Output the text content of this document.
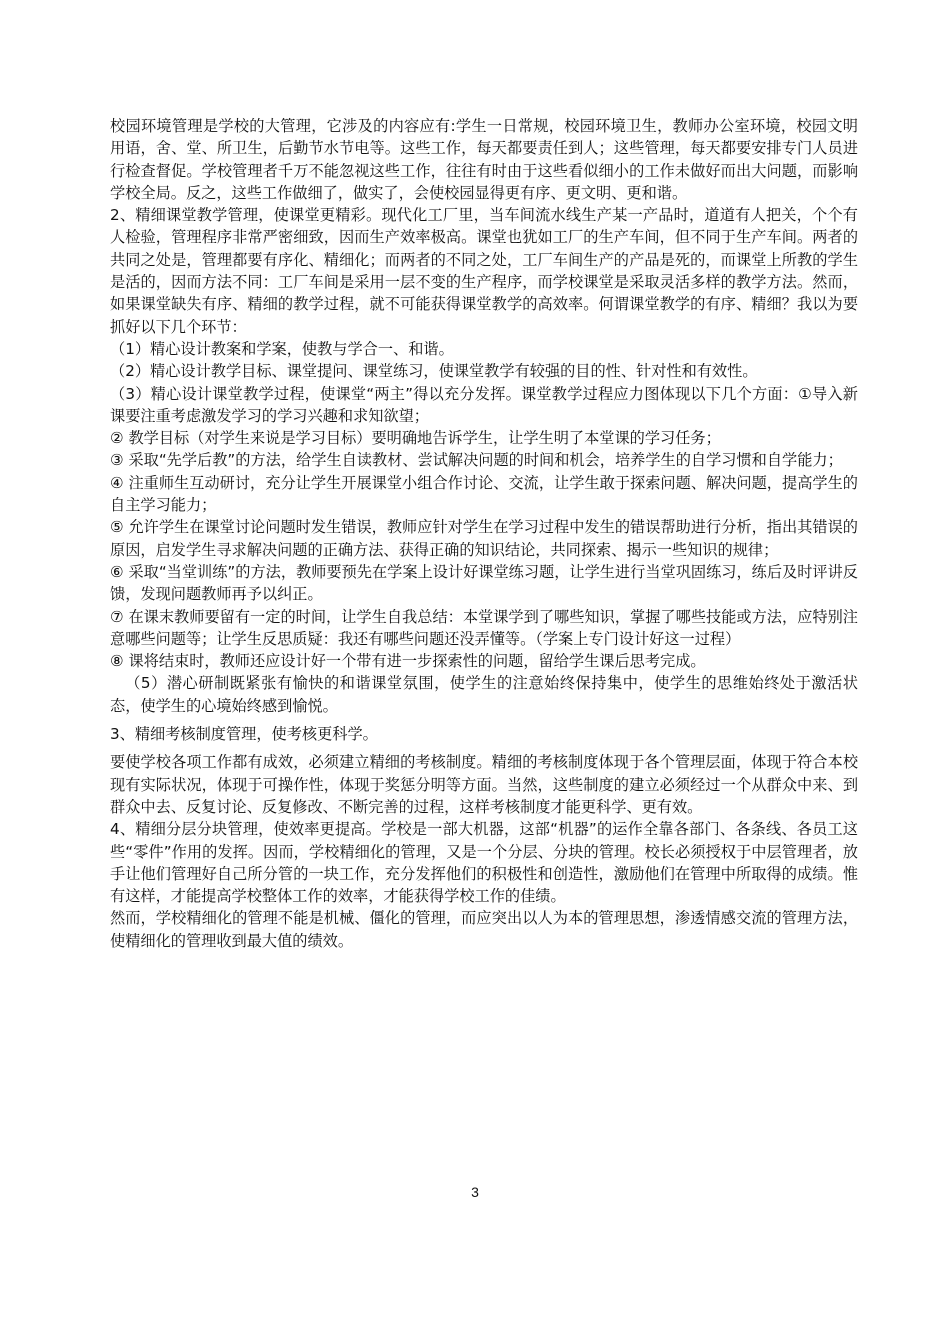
校园环境管理是学校的大管理，它涉及的内容应有:学生一日常规，校园环境卫生，教师办公室环境，校园文明用语，舍、堂、所卫生，后勤节水节电等。这些工作，每天都要责任到人；这些管理，每天都要安排专门人员进行检查督促。学校管理者千万不能忽视这些工作，往往有时由于这些看似细小的工作未做好而出大问题，而影响学校全局。反之，这些工作做细了，做实了，会使校园显得更有序、更文明、更和谐。

2、精细课堂教学管理，使课堂更精彩。现代化工厂里，当车间流水线生产某一产品时，道道有人把关，个个有人检验，管理程序非常严密细致，因而生产效率极高。课堂也犹如工厂的生产车间，但不同于生产车间。两者的共同之处是，管理都要有序化、精细化；而两者的不同之处，工厂车间生产的产品是死的，而课堂上所教的学生是活的，因而方法不同：工厂车间是采用一层不变的生产程序，而学校课堂是采取灵活多样的教学方法。然而，如果课堂缺失有序、精细的教学过程，就不可能获得课堂教学的高效率。何谓课堂教学的有序、精细？我以为要抓好以下几个环节：

（1）精心设计教案和学案，使教与学合一、和谐。

（2）精心设计教学目标、课堂提问、课堂练习，使课堂教学有较强的目的性、针对性和有效性。

（3）精心设计课堂教学过程，使课堂“两主”得以充分发挥。课堂教学过程应力图体现以下几个方面：①导入新课要注重考虑激发学习的学习兴趣和求知欲望；

② 教学目标（对学生来说是学习目标）要明确地告诉学生，让学生明了本堂课的学习任务；

③ 采取“先学后教”的方法，给学生自读教材、尝试解决问题的时间和机会，培养学生的自学习惯和自学能力；

④ 注重师生互动研讨，充分让学生开展课堂小组合作讨论、交流，让学生敢于探索问题、解决问题，提高学生的自主学习能力；

⑤ 允许学生在课堂讨论问题时发生错误，教师应针对学生在学习过程中发生的错误帮助进行分析，指出其错误的原因，启发学生寻求解决问题的正确方法、获得正确的知识结论，共同探索、揭示一些知识的规律；

⑥ 采取“当堂训练”的方法，教师要预先在学案上设计好课堂练习题，让学生进行当堂巩固练习，练后及时评讲反馈，发现问题教师再予以纠正。

⑦ 在课末教师要留有一定的时间，让学生自我总结：本堂课学到了哪些知识，掌握了哪些技能或方法，应特别注意哪些问题等；让学生反思质疑：我还有哪些问题还没弄懂等。（学案上专门设计好这一过程）

⑧ 课将结束时，教师还应设计好一个带有进一步探索性的问题，留给学生课后思考完成。

（5）潜心研制既紧张有愉快的和谐课堂氛围，使学生的注意始终保持集中，使学生的思维始终处于激活状态，使学生的心境始终感到愉悦。

3、精细考核制度管理，使考核更科学。

要使学校各项工作都有成效，必须建立精细的考核制度。精细的考核制度体现于各个管理层面，体现于符合本校现有实际状况，体现于可操作性，体现于奖惩分明等方面。当然，这些制度的建立必须经过一个从群众中来、到群众中去、反复讨论、反复修改、不断完善的过程，这样考核制度才能更科学、更有效。

4、精细分层分块管理，使效率更提高。学校是一部大机器，这部“机器”的运作全靠各部门、各条线、各员工这些“零件”作用的发挥。因而，学校精细化的管理，又是一个分层、分块的管理。校长必须授权于中层管理者，放手让他们管理好自己所分管的一块工作，充分发挥他们的积极性和创造性，激励他们在管理中所取得的成绩。惟有这样，才能提高学校整体工作的效率，才能获得学校工作的佳绩。

然而，学校精细化的管理不能是机械、僵化的管理，而应突出以人为本的管理思想，渗透情感交流的管理方法，使精细化的管理收到最大值的绩效。

3
